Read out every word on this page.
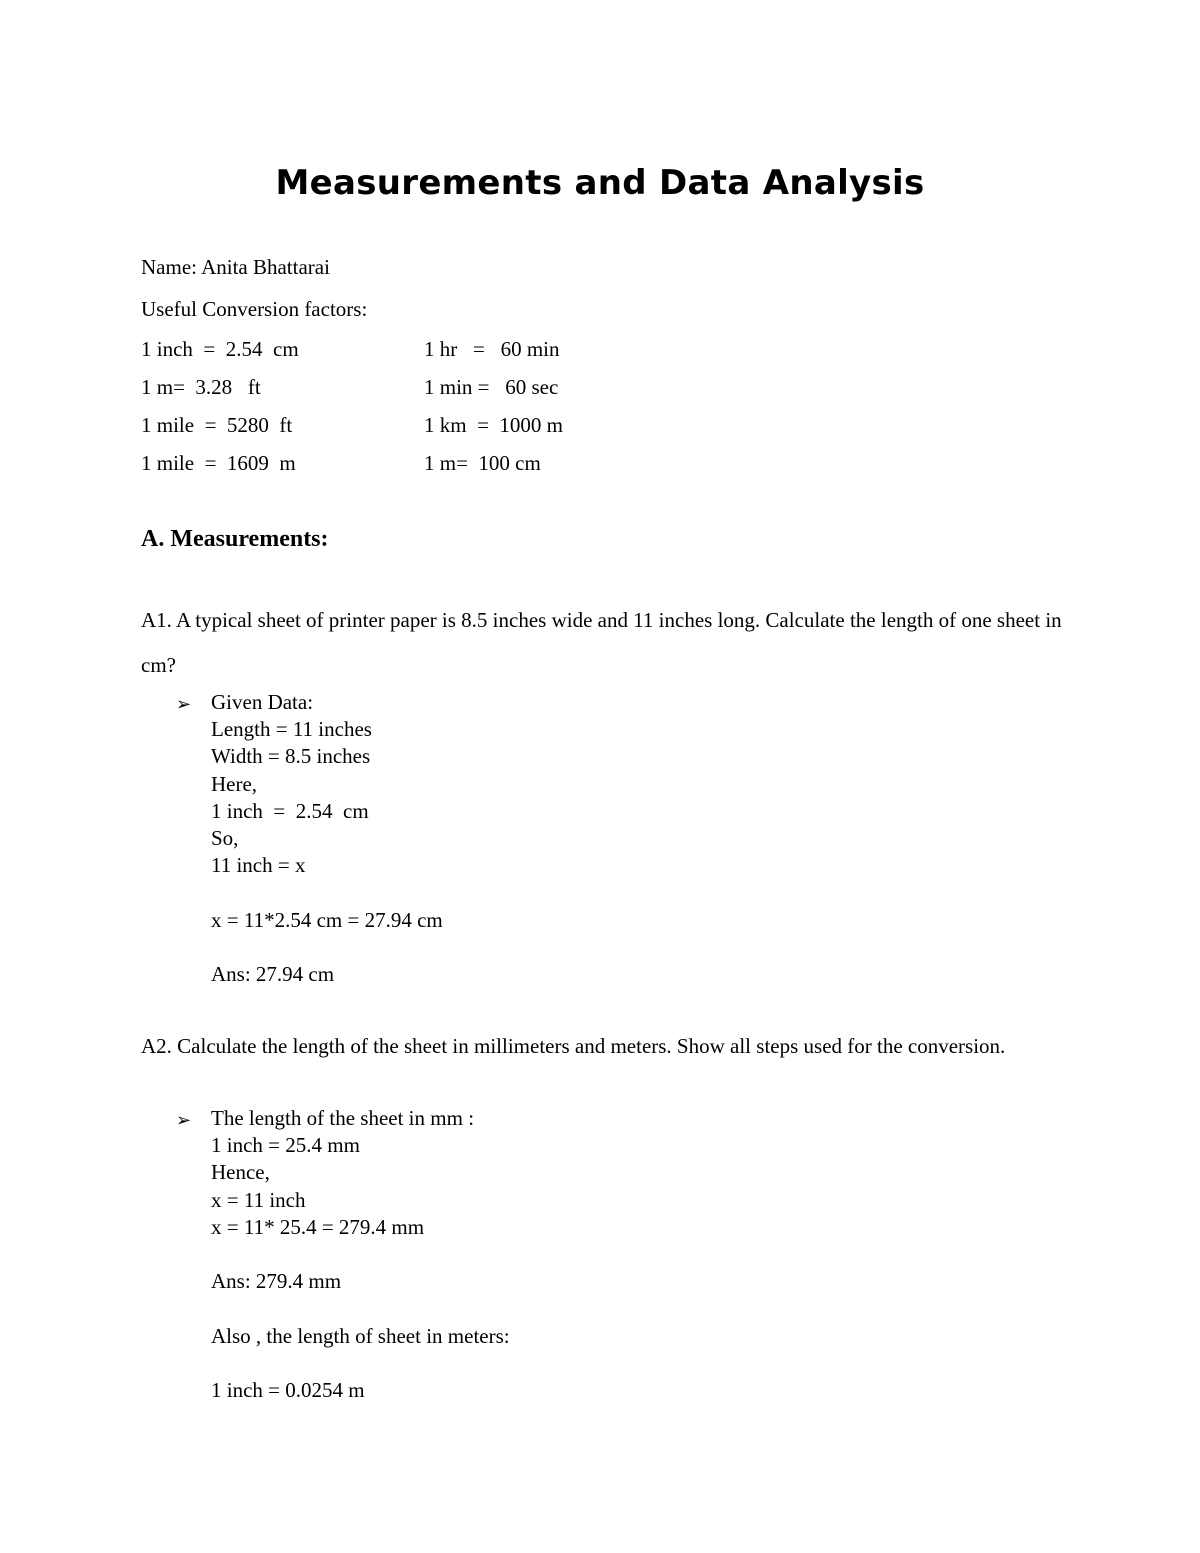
Measurements and Data Analysis

Name: Anita Bhattarai

Useful Conversion factors:

1 inch  =  2.54  cm	1 hr   =   60 min
1 m=  3.28   ft	1 min =   60 sec
1 mile  =  5280  ft	1 km  =  1000 m
1 mile  =  1609  m	1 m=  100 cm
A. Measurements:

A1. A typical sheet of printer paper is 8.5 inches wide and 11 inches long. Calculate the length of one sheet in cm?

➢ Given Data:
Length = 11 inches
Width = 8.5 inches
Here,
1 inch  =  2.54  cm
So,
11 inch = x
x = 11*2.54 cm = 27.94 cm
Ans: 27.94 cm

A2. Calculate the length of the sheet in millimeters and meters. Show all steps used for the conversion.

➢ The length of the sheet in mm :
1 inch = 25.4 mm
Hence,
x = 11 inch
x = 11* 25.4 = 279.4 mm
Ans: 279.4 mm
Also , the length of sheet in meters:
1 inch = 0.0254 m
